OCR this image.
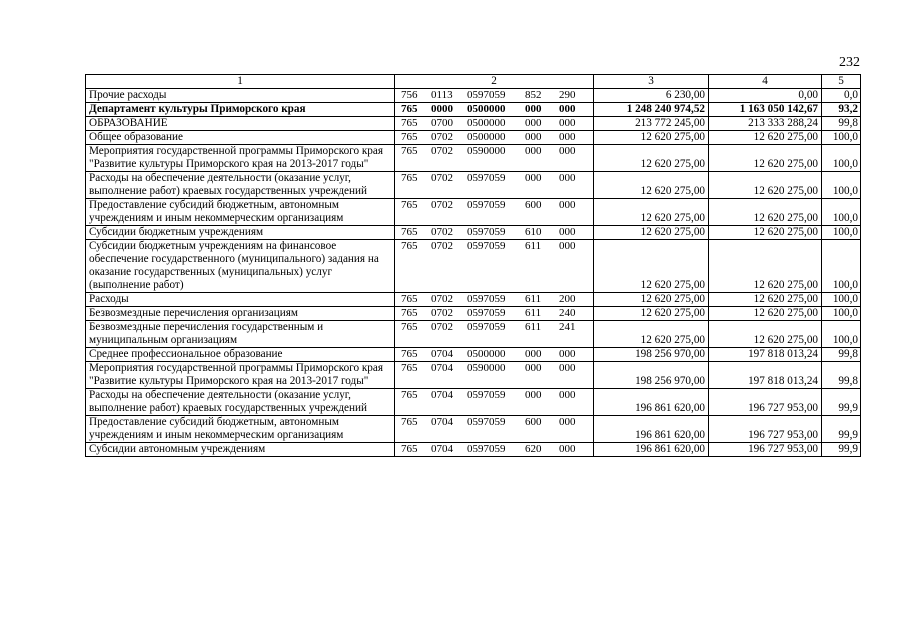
232
1	2	3	4	5
Прочие расходы	756 0113 0597059 852 290	6 230,00	0,00	0,0
Департамент культуры Приморского края	765 0000 0500000 000 000	1 248 240 974,52	1 163 050 142,67	93,2
ОБРАЗОВАНИЕ	765 0700 0500000 000 000	213 772 245,00	213 333 288,24	99,8
Общее образование	765 0702 0500000 000 000	12 620 275,00	12 620 275,00	100,0
Мероприятия государственной программы Приморского края "Развитие культуры Приморского края на 2013-2017 годы"	765 0702 0590000 000 000	12 620 275,00	12 620 275,00	100,0
Расходы на обеспечение деятельности (оказание услуг, выполнение работ) краевых государственных учреждений	765 0702 0597059 000 000	12 620 275,00	12 620 275,00	100,0
Предоставление субсидий бюджетным, автономным учреждениям и иным некоммерческим организациям	765 0702 0597059 600 000	12 620 275,00	12 620 275,00	100,0
Субсидии бюджетным учреждениям	765 0702 0597059 610 000	12 620 275,00	12 620 275,00	100,0
Субсидии бюджетным учреждениям на финансовое обеспечение государственного (муниципального) задания на оказание государственных (муниципальных) услуг (выполнение работ)	765 0702 0597059 611 000	12 620 275,00	12 620 275,00	100,0
Расходы	765 0702 0597059 611 200	12 620 275,00	12 620 275,00	100,0
Безвозмездные перечисления организациям	765 0702 0597059 611 240	12 620 275,00	12 620 275,00	100,0
Безвозмездные перечисления государственным и муниципальным организациям	765 0702 0597059 611 241	12 620 275,00	12 620 275,00	100,0
Среднее профессиональное образование	765 0704 0500000 000 000	198 256 970,00	197 818 013,24	99,8
Мероприятия государственной программы Приморского края "Развитие культуры Приморского края на 2013-2017 годы"	765 0704 0590000 000 000	198 256 970,00	197 818 013,24	99,8
Расходы на обеспечение деятельности (оказание услуг, выполнение работ) краевых государственных учреждений	765 0704 0597059 000 000	196 861 620,00	196 727 953,00	99,9
Предоставление субсидий бюджетным, автономным учреждениям и иным некоммерческим организациям	765 0704 0597059 600 000	196 861 620,00	196 727 953,00	99,9
Субсидии автономным учреждениям	765 0704 0597059 620 000	196 861 620,00	196 727 953,00	99,9
